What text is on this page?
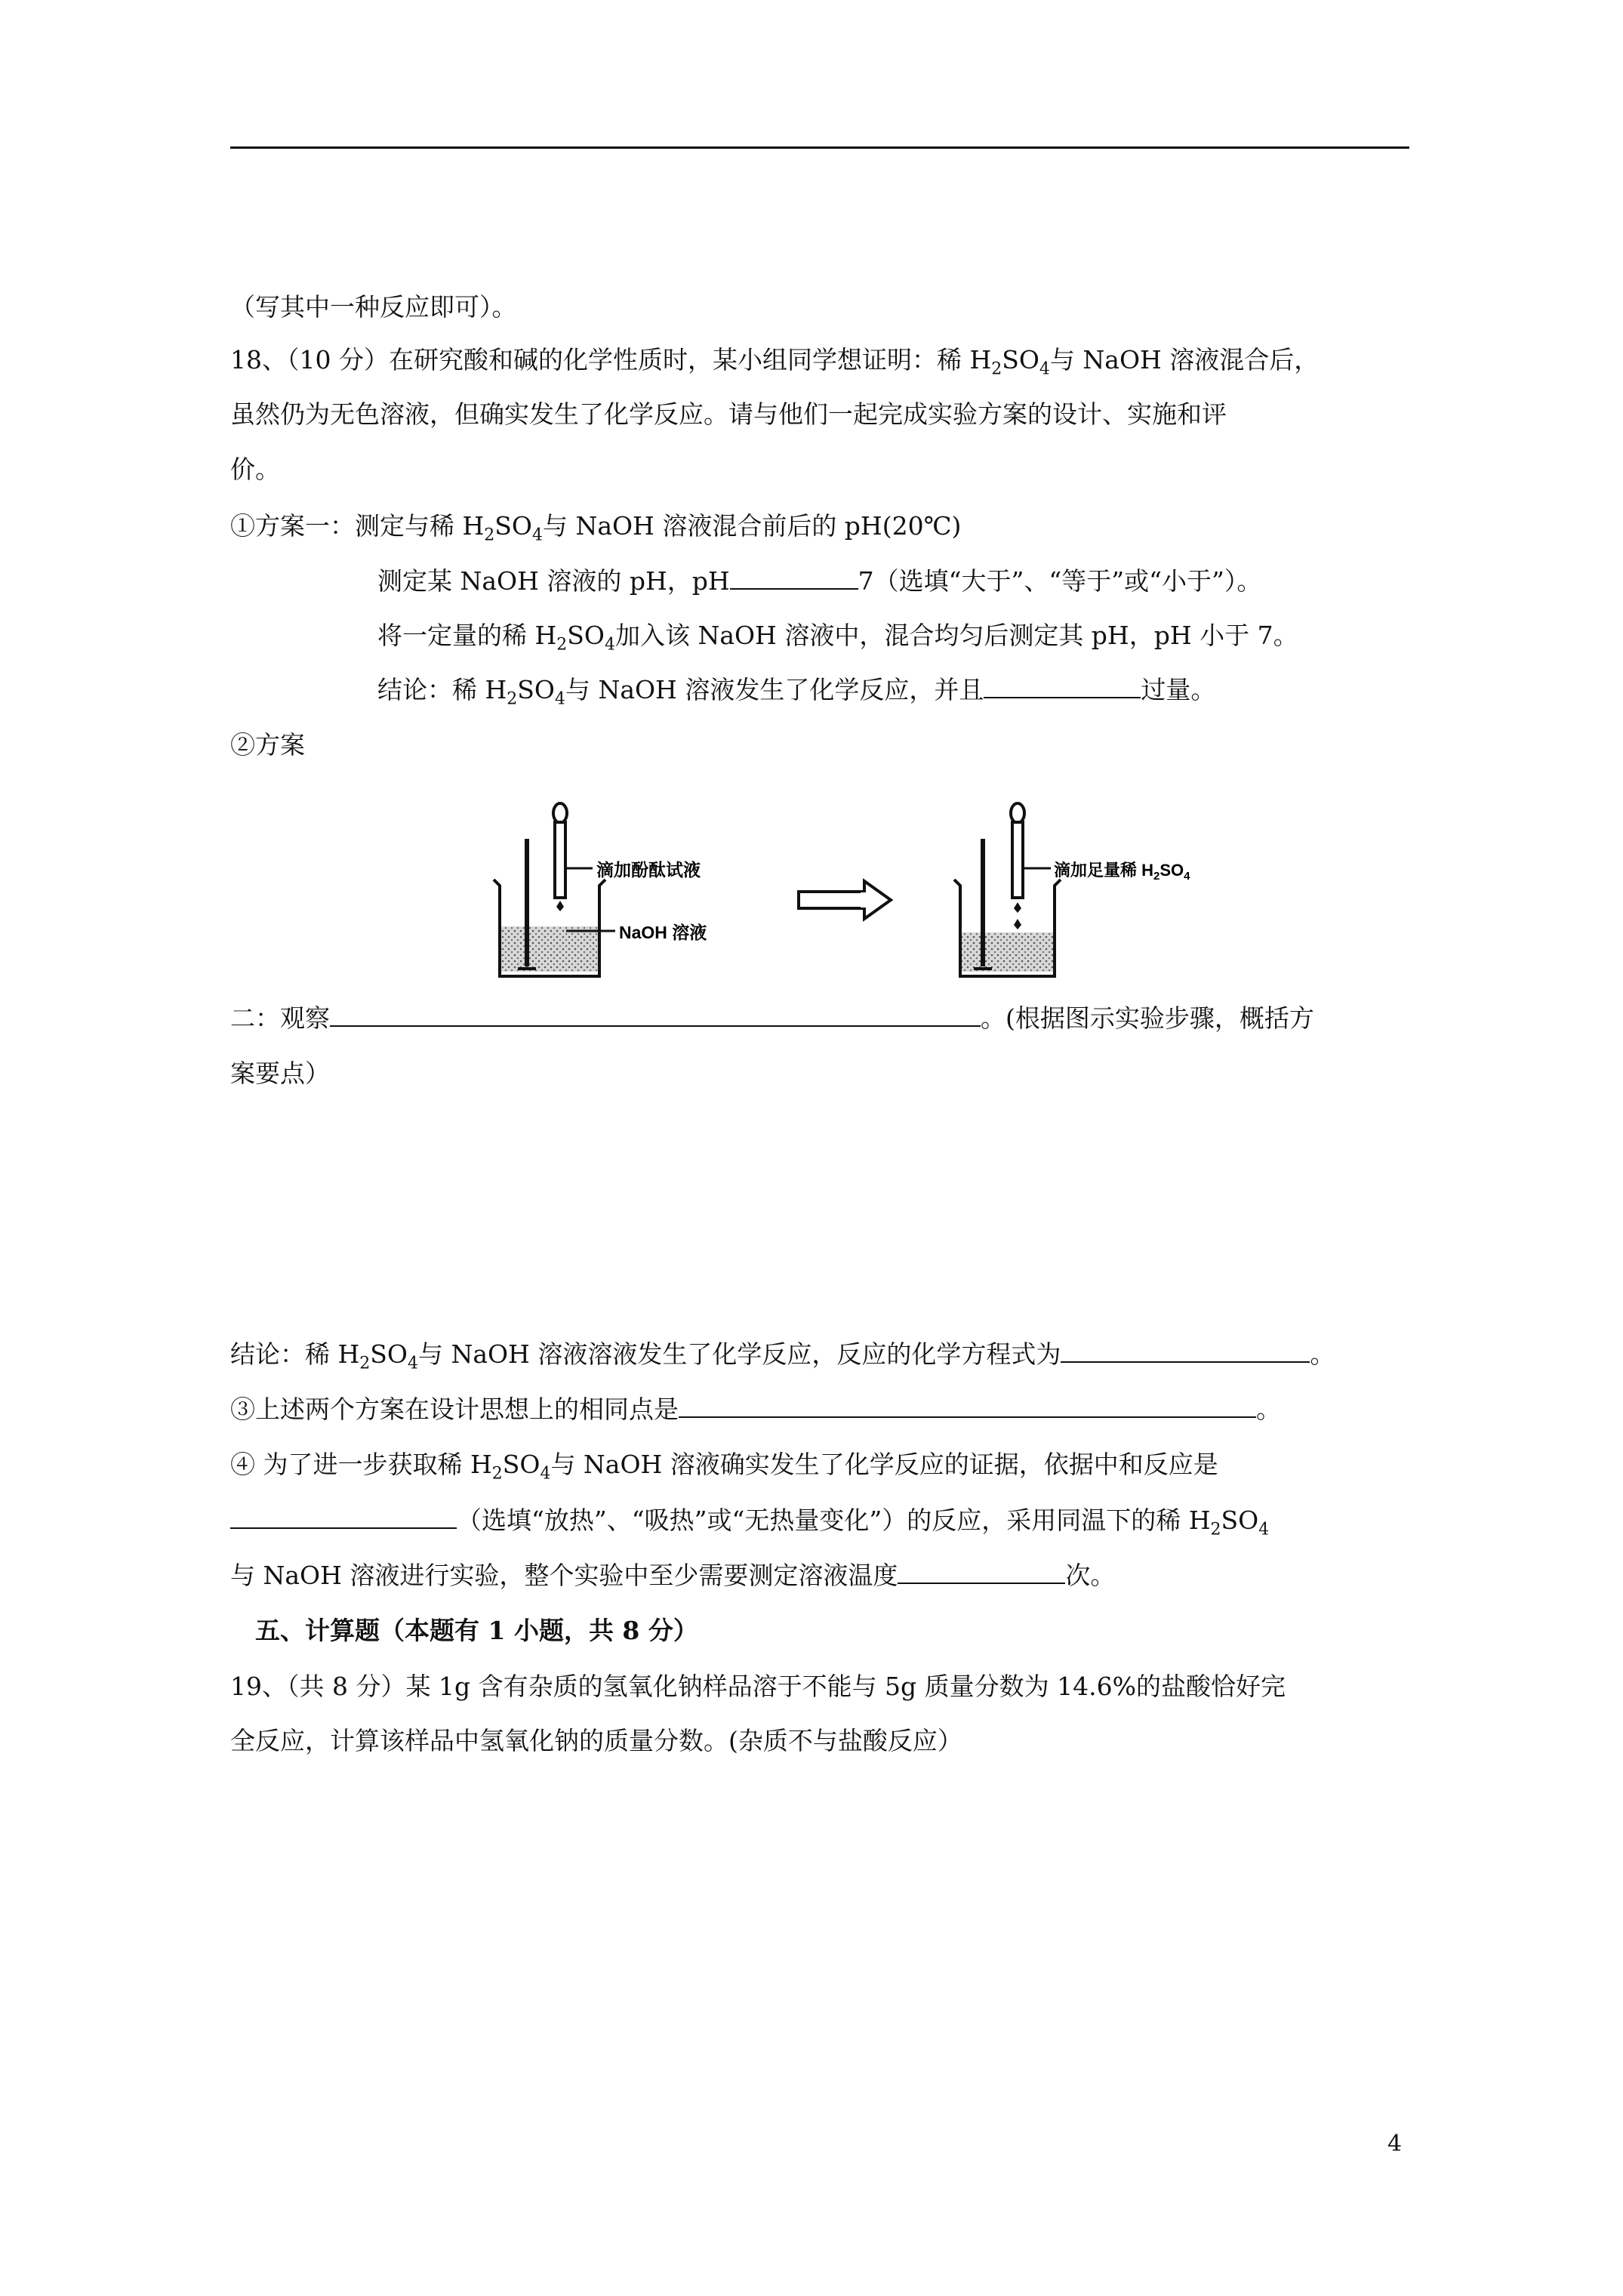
（写其中一种反应即可）。
18、（10 分）在研究酸和碱的化学性质时，某小组同学想证明：稀 $H_2SO_4$与 NaOH 溶液混合后，
虽然仍为无色溶液，但确实发生了化学反应。请与他们一起完成实验方案的设计、实施和评
价。
①方案一：测定与稀 $H_2SO_4$与 NaOH 溶液混合前后的 pH(20℃)
测定某 NaOH 溶液的 pH，pH	7（选填“大于”、“等于”或“小于”）。
将一定量的稀 $H_2SO_4$加入该 NaOH 溶液中，混合均匀后测定其 pH，pH 小于 7。
结论：稀 $H_2SO_4$与 NaOH 溶液发生了化学反应，并且	过量。
②方案
滴加酚酞试液
NaOH 溶液
滴加足量稀 $H_2SO_4$
二：观察	。(根据图示实验步骤，概括方
案要点）
结论：稀 $H_2SO_4$与 NaOH 溶液溶液发生了化学反应，反应的化学方程式为	。
③上述两个方案在设计思想上的相同点是	。
④ 为了进一步获取稀 $H_2SO_4$与 NaOH 溶液确实发生了化学反应的证据，依据中和反应是
（选填“放热”、“吸热”或“无热量变化”）的反应，采用同温下的稀 $H_2SO_4$
与 NaOH 溶液进行实验，整个实验中至少需要测定溶液温度	次。
五、计算题（本题有 1 小题，共 8 分）
19、（共 8 分）某 1g 含有杂质的氢氧化钠样品溶于不能与 5g 质量分数为 14.6%的盐酸恰好完
全反应，计算该样品中氢氧化钠的质量分数。(杂质不与盐酸反应）
4
